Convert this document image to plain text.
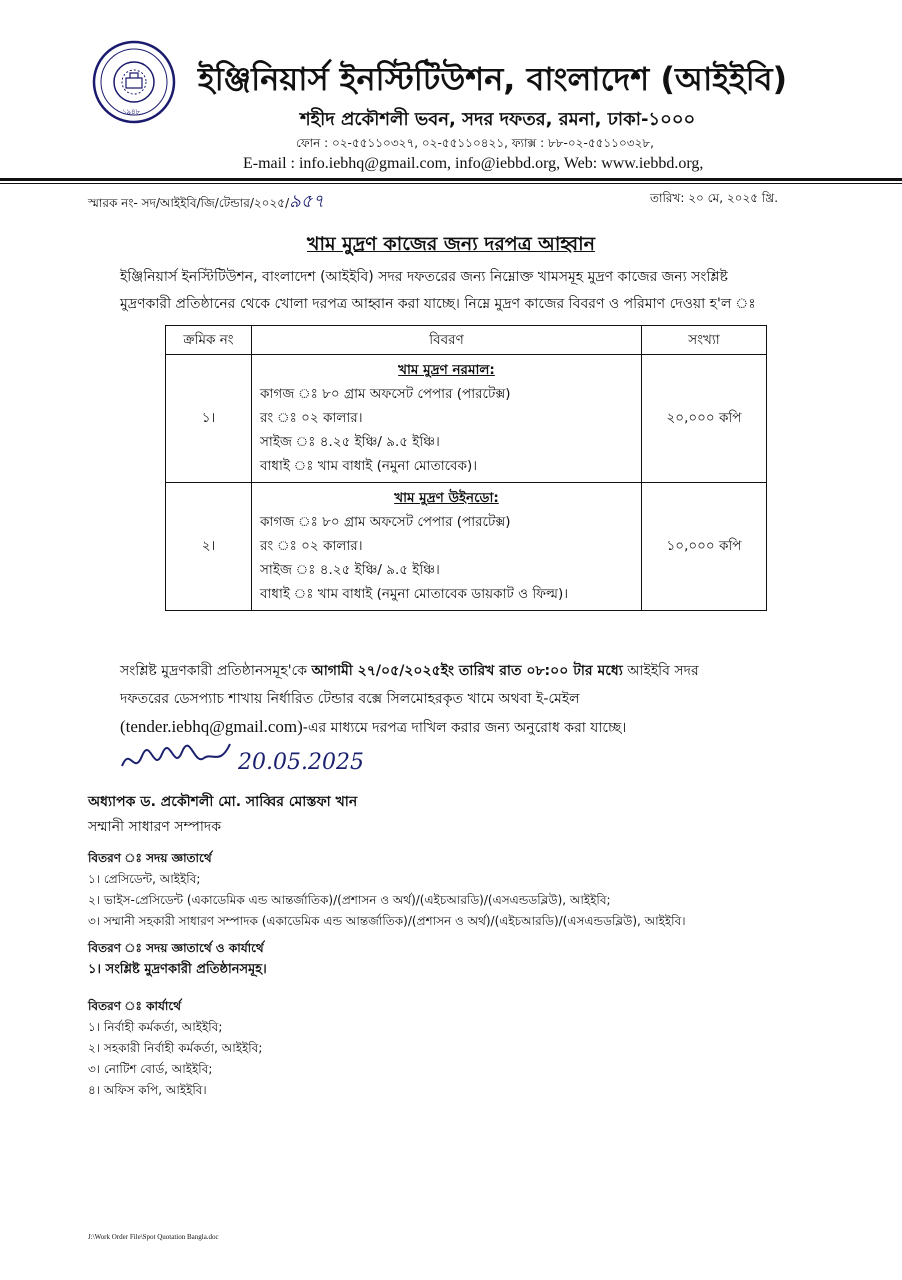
১৯৪৮
ইঞ্জিনিয়ার্স ইনস্টিটিউশন, বাংলাদেশ (আইইবি)
শহীদ প্রকৌশলী ভবন, সদর দফতর, রমনা, ঢাকা-১০০০
ফোন : ০২-৫৫১১০৩২৭, ০২-৫৫১১০৪২১, ফ্যাক্স : ৮৮-০২-৫৫১১০৩২৮,
E-mail : info.iebhq@gmail.com, info@iebbd.org, Web: www.iebbd.org,
স্মারক নং- সদ/আইইবি/জি/টেন্ডার/২০২৫/৯৫৭	তারিখ: ২০ মে, ২০২৫ খ্রি.
খাম মুদ্রণ কাজের জন্য দরপত্র আহ্বান

ইঞ্জিনিয়ার্স ইনস্টিটিউশন, বাংলাদেশ (আইইবি) সদর দফতরের জন্য নিম্নোক্ত খামসমূহ মুদ্রণ কাজের জন্য সংশ্লিষ্ট

মুদ্রণকারী প্রতিষ্ঠানের থেকে খোলা দরপত্র আহ্বান করা যাচ্ছে। নিম্নে মুদ্রণ কাজের বিবরণ ও পরিমাণ দেওয়া হ'ল ঃ

ক্রমিক নং	বিবরণ	সংখ্যা
১।	খাম মুদ্রণ নরমাল:
কাগজ ঃ ৮০ গ্রাম অফসেট পেপার (পারটেক্স)
রং ঃ ০২ কালার।
সাইজ ঃ ৪.২৫ ইঞ্চি/ ৯.৫ ইঞ্চি।
বাধাই ঃ খাম বাধাই (নমুনা মোতাবেক)।	২০,০০০ কপি
২।	খাম মুদ্রণ উইনডো:
কাগজ ঃ ৮০ গ্রাম অফসেট পেপার (পারটেক্স)
রং ঃ ০২ কালার।
সাইজ ঃ ৪.২৫ ইঞ্চি/ ৯.৫ ইঞ্চি।
বাধাই ঃ খাম বাধাই (নমুনা মোতাবেক ডায়কাট ও ফিল্ম)।	১০,০০০ কপি

সংশ্লিষ্ট মুদ্রণকারী প্রতিষ্ঠানসমূহ'কে আগামী ২৭/০৫/২০২৫ইং তারিখ রাত ০৮:০০ টার মধ্যে আইইবি সদর

দফতরের ডেসপ্যাচ শাখায় নির্ধারিত টেন্ডার বক্সে সিলমোহরকৃত খামে অথবা ই-মেইল

(tender.iebhq@gmail.com)-এর মাধ্যমে দরপত্র দাখিল করার জন্য অনুরোধ করা যাচ্ছে।

20.05.2025
অধ্যাপক ড. প্রকৌশলী মো. সাব্বির মোস্তফা খান
সম্মানী সাধারণ সম্পাদক
বিতরণ ঃ সদয় জ্ঞাতার্থে
১। প্রেসিডেন্ট, আইইবি;
২। ভাইস-প্রেসিডেন্ট (একাডেমিক এন্ড আন্তর্জাতিক)/(প্রশাসন ও অর্থ)/(এইচআরডি)/(এসএন্ডডব্লিউ), আইইবি;
৩। সম্মানী সহকারী সাধারণ সম্পাদক (একাডেমিক এন্ড আন্তর্জাতিক)/(প্রশাসন ও অর্থ)/(এইচআরডি)/(এসএন্ডডব্লিউ), আইইবি।
বিতরণ ঃ সদয় জ্ঞাতার্থে ও কার্যার্থে
১। সংশ্লিষ্ট মুদ্রণকারী প্রতিষ্ঠানসমূহ।
বিতরণ ঃ কার্যার্থে
১। নির্বাহী কর্মকর্তা, আইইবি;
২। সহকারী নির্বাহী কর্মকর্তা, আইইবি;
৩। নোটিশ বোর্ড, আইইবি;
৪। অফিস কপি, আইইবি।
J:\Work Order File\Spot Quotation Bangla.doc
